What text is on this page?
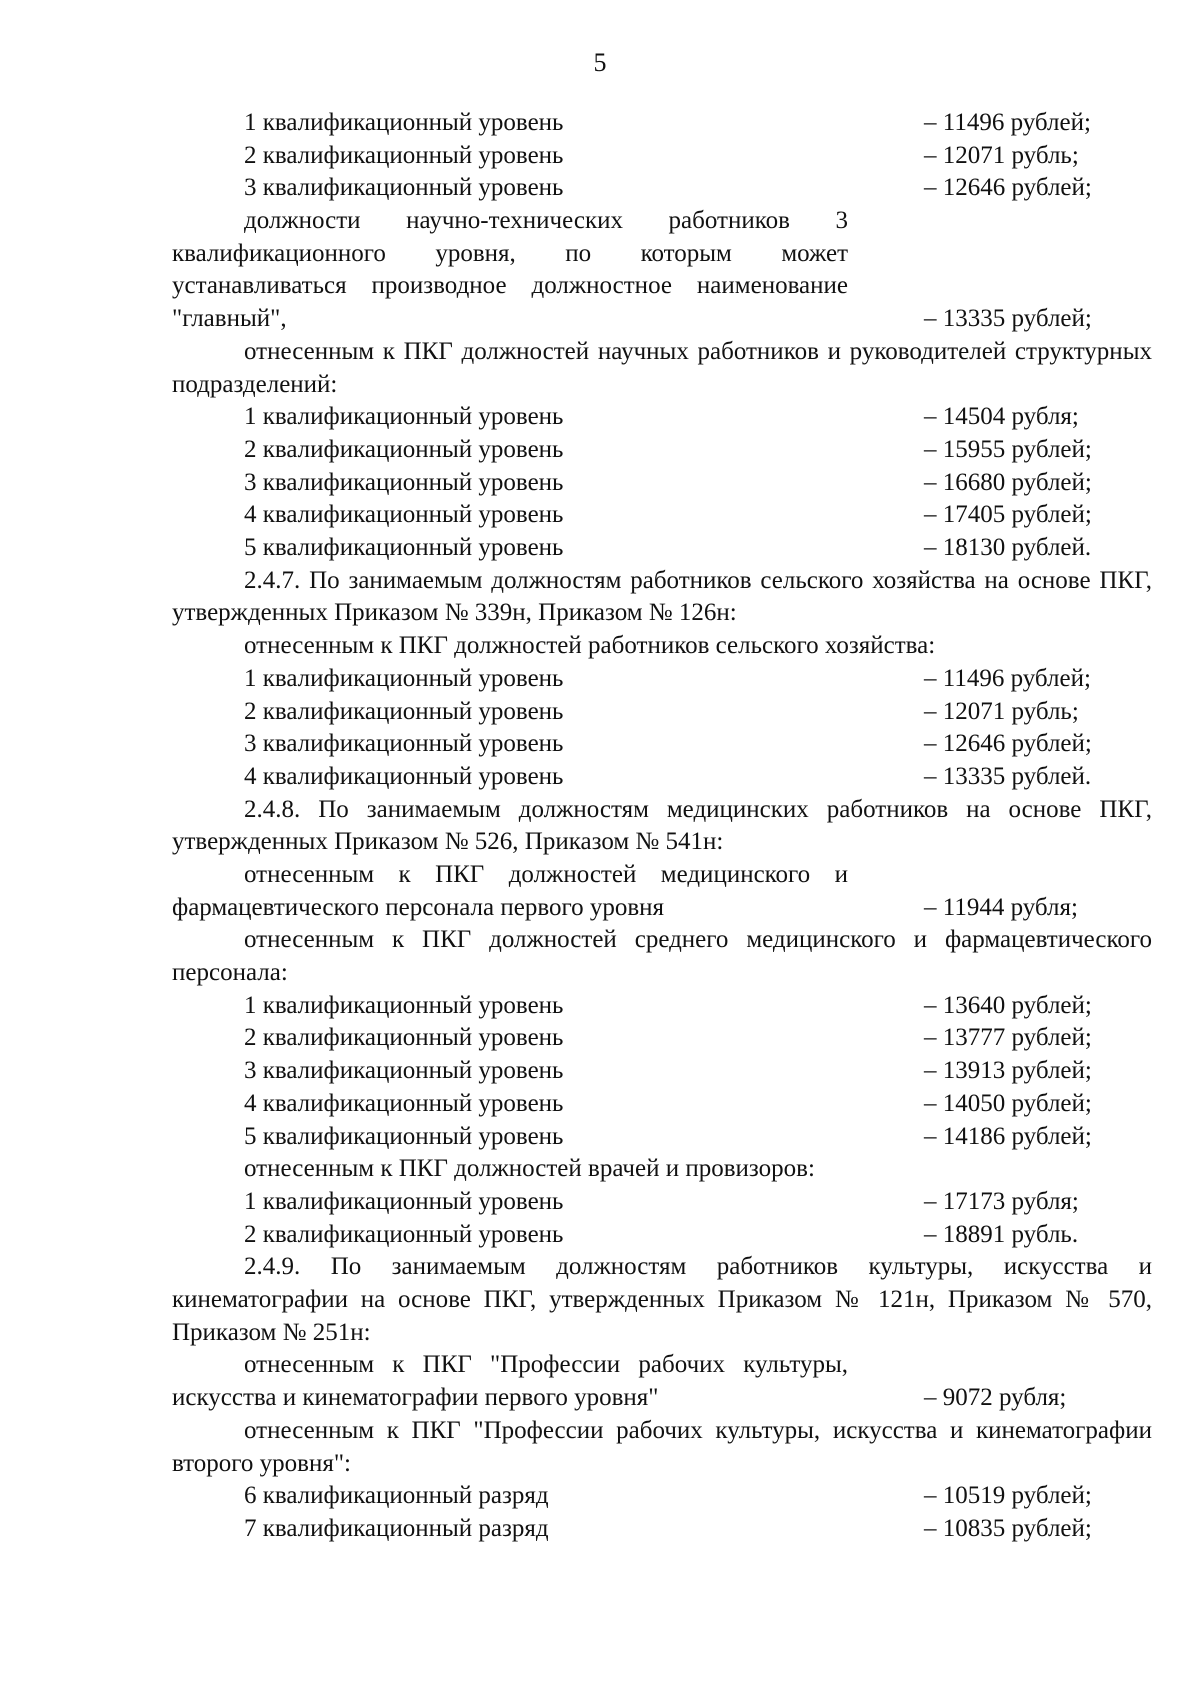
5
1 квалификационный уровень	– 11496 рублей;
2 квалификационный уровень	– 12071 рубль;
3 квалификационный уровень	– 12646 рублей;
должности научно-технических работников 3 квалификационного уровня, по которым может устанавливаться производное должностное наименование "главный",	– 13335 рублей;
отнесенным к ПКГ должностей научных работников и руководителей структурных подразделений:
1 квалификационный уровень	– 14504 рубля;
2 квалификационный уровень	– 15955 рублей;
3 квалификационный уровень	– 16680 рублей;
4 квалификационный уровень	– 17405 рублей;
5 квалификационный уровень	– 18130 рублей.
2.4.7. По занимаемым должностям работников сельского хозяйства на основе ПКГ, утвержденных Приказом № 339н, Приказом № 126н:
отнесенным к ПКГ должностей работников сельского хозяйства:
1 квалификационный уровень	– 11496 рублей;
2 квалификационный уровень	– 12071 рубль;
3 квалификационный уровень	– 12646 рублей;
4 квалификационный уровень	– 13335 рублей.
2.4.8. По занимаемым должностям медицинских работников на основе ПКГ, утвержденных Приказом № 526, Приказом № 541н:
отнесенным к ПКГ должностей медицинского и фармацевтического персонала первого уровня	– 11944 рубля;
отнесенным к ПКГ должностей среднего медицинского и фармацевтического персонала:
1 квалификационный уровень	– 13640 рублей;
2 квалификационный уровень	– 13777 рублей;
3 квалификационный уровень	– 13913 рублей;
4 квалификационный уровень	– 14050 рублей;
5 квалификационный уровень	– 14186 рублей;
отнесенным к ПКГ должностей врачей и провизоров:
1 квалификационный уровень	– 17173 рубля;
2 квалификационный уровень	– 18891 рубль.
2.4.9. По занимаемым должностям работников культуры, искусства и кинематографии на основе ПКГ, утвержденных Приказом № 121н, Приказом № 570, Приказом № 251н:
отнесенным к ПКГ "Профессии рабочих культуры, искусства и кинематографии первого уровня"	– 9072 рубля;
отнесенным к ПКГ "Профессии рабочих культуры, искусства и кинематографии второго уровня":
6 квалификационный разряд	– 10519 рублей;
7 квалификационный разряд	– 10835 рублей;
